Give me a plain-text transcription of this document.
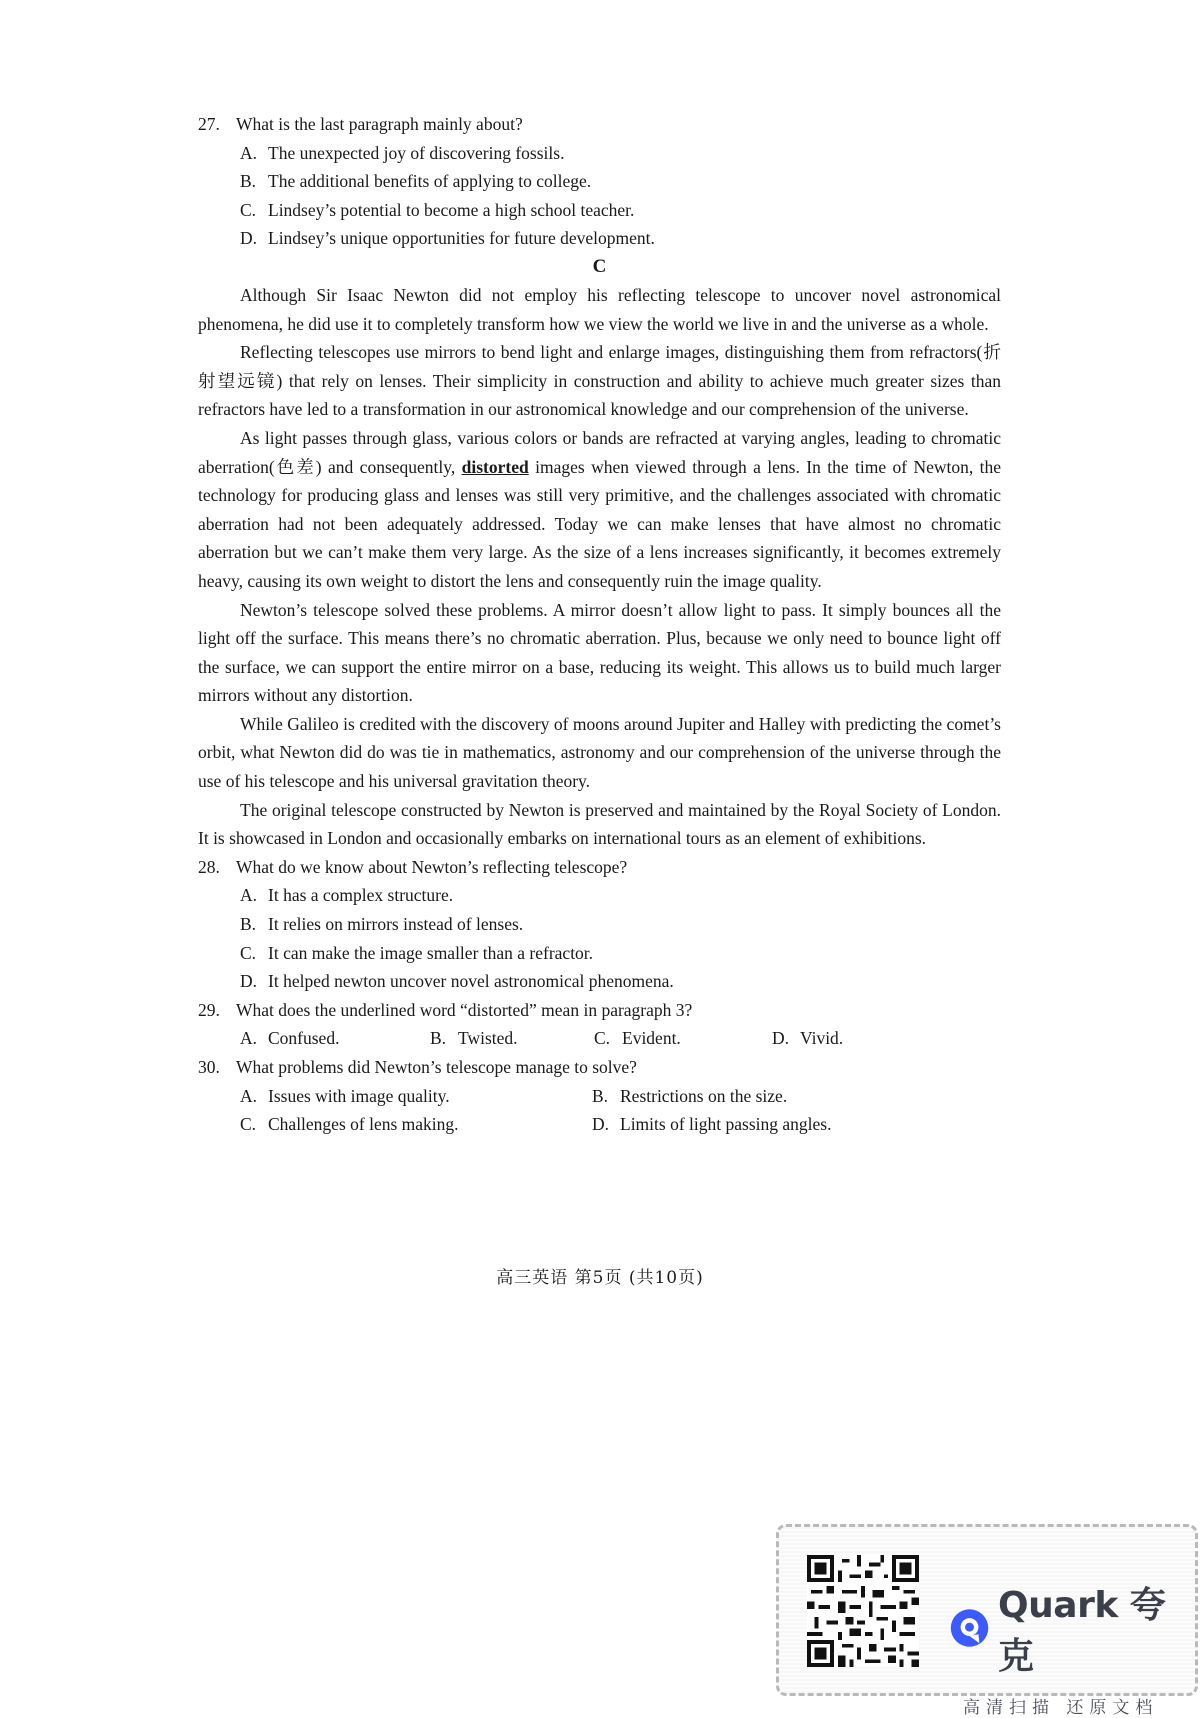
27. What is the last paragraph mainly about?
A. The unexpected joy of discovering fossils.
B. The additional benefits of applying to college.
C. Lindsey’s potential to become a high school teacher.
D. Lindsey’s unique opportunities for future development.
C

Although Sir Isaac Newton did not employ his reflecting telescope to uncover novel astronomical phenomena, he did use it to completely transform how we view the world we live in and the universe as a whole.

Reflecting telescopes use mirrors to bend light and enlarge images, distinguishing them from refractors(折射望远镜) that rely on lenses. Their simplicity in construction and ability to achieve much greater sizes than refractors have led to a transformation in our astronomical knowledge and our comprehension of the universe.

As light passes through glass, various colors or bands are refracted at varying angles, leading to chromatic aberration(色差) and consequently, distorted images when viewed through a lens. In the time of Newton, the technology for producing glass and lenses was still very primitive, and the challenges associated with chromatic aberration had not been adequately addressed. Today we can make lenses that have almost no chromatic aberration but we can’t make them very large. As the size of a lens increases significantly, it becomes extremely heavy, causing its own weight to distort the lens and consequently ruin the image quality.

Newton’s telescope solved these problems. A mirror doesn’t allow light to pass. It simply bounces all the light off the surface. This means there’s no chromatic aberration. Plus, because we only need to bounce light off the surface, we can support the entire mirror on a base, reducing its weight. This allows us to build much larger mirrors without any distortion.

While Galileo is credited with the discovery of moons around Jupiter and Halley with predicting the comet’s orbit, what Newton did do was tie in mathematics, astronomy and our comprehension of the universe through the use of his telescope and his universal gravitation theory.

The original telescope constructed by Newton is preserved and maintained by the Royal Society of London. It is showcased in London and occasionally embarks on international tours as an element of exhibitions.

28. What do we know about Newton’s reflecting telescope?
A. It has a complex structure.
B. It relies on mirrors instead of lenses.
C. It can make the image smaller than a refractor.
D. It helped newton uncover novel astronomical phenomena.
29. What does the underlined word “distorted” mean in paragraph 3?
A. Confused.	B. Twisted.	C. Evident.	D. Vivid.
30. What problems did Newton’s telescope manage to solve?
A. Issues with image quality.	B. Restrictions on the size.
C. Challenges of lens making.	D. Limits of light passing angles.
高三英语 第5页 (共10页)
Quark 夸克
高清扫描 还原文档
